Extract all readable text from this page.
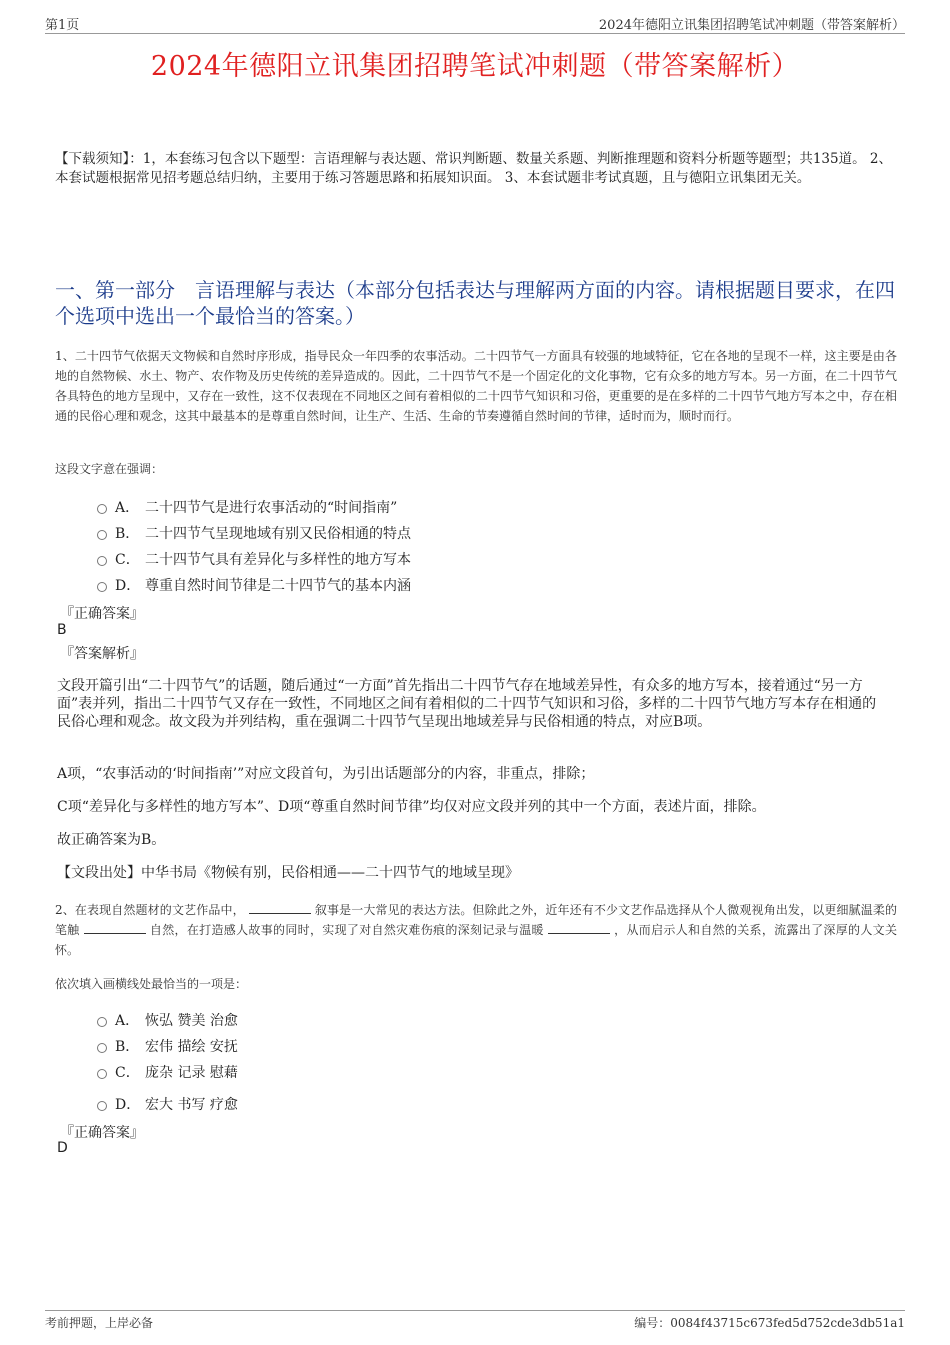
第1页	2024年德阳立讯集团招聘笔试冲刺题（带答案解析）
2024年德阳立讯集团招聘笔试冲刺题（带答案解析）
【下载须知】：1，本套练习包含以下题型：言语理解与表达题、常识判断题、数量关系题、判断推理题和资料分析题等题型；共135道。 2、本套试题根据常见招考题总结归纳，主要用于练习答题思路和拓展知识面。 3、本套试题非考试真题，且与德阳立讯集团无关。
一、第一部分　言语理解与表达（本部分包括表达与理解两方面的内容。请根据题目要求，在四个选项中选出一个最恰当的答案。）
1、二十四节气依据天文物候和自然时序形成，指导民众一年四季的农事活动。二十四节气一方面具有较强的地域特征，它在各地的呈现不一样，这主要是由各地的自然物候、水土、物产、农作物及历史传统的差异造成的。因此，二十四节气不是一个固定化的文化事物，它有众多的地方写本。另一方面，在二十四节气各具特色的地方呈现中，又存在一致性，这不仅表现在不同地区之间有着相似的二十四节气知识和习俗，更重要的是在多样的二十四节气地方写本之中，存在相通的民俗心理和观念，这其中最基本的是尊重自然时间，让生产、生活、生命的节奏遵循自然时间的节律，适时而为，顺时而行。
这段文字意在强调：
A． 二十四节气是进行农事活动的“时间指南”
B． 二十四节气呈现地域有别又民俗相通的特点
C． 二十四节气具有差异化与多样性的地方写本
D． 尊重自然时间节律是二十四节气的基本内涵
『正确答案』
B
『答案解析』
文段开篇引出“二十四节气”的话题，随后通过“一方面”首先指出二十四节气存在地域差异性，有众多的地方写本，接着通过“另一方面”表并列，指出二十四节气又存在一致性，不同地区之间有着相似的二十四节气知识和习俗，多样的二十四节气地方写本存在相通的民俗心理和观念。故文段为并列结构，重在强调二十四节气呈现出地域差异与民俗相通的特点，对应B项。
A项，“农事活动的‘时间指南’”对应文段首句，为引出话题部分的内容，非重点，排除；
C项“差异化与多样性的地方写本”、D项“尊重自然时间节律”均仅对应文段并列的其中一个方面，表述片面，排除。
故正确答案为B。
【文段出处】中华书局《物候有别，民俗相通——二十四节气的地域呈现》
2、在表现自然题材的文艺作品中，	叙事是一大常见的表达方法。但除此之外，近年还有不少文艺作品选择从个人微观视角出发，以更细腻温柔的笔触	自然，在打造感人故事的同时，实现了对自然灾难伤痕的深刻记录与温暖	，从而启示人和自然的关系，流露出了深厚的人文关怀。
依次填入画横线处最恰当的一项是：
A． 恢弘 赞美 治愈
B． 宏伟 描绘 安抚
C． 庞杂 记录 慰藉
D． 宏大 书写 疗愈
『正确答案』
D
考前押题，上岸必备	编号：0084f43715c673fed5d752cde3db51a1
